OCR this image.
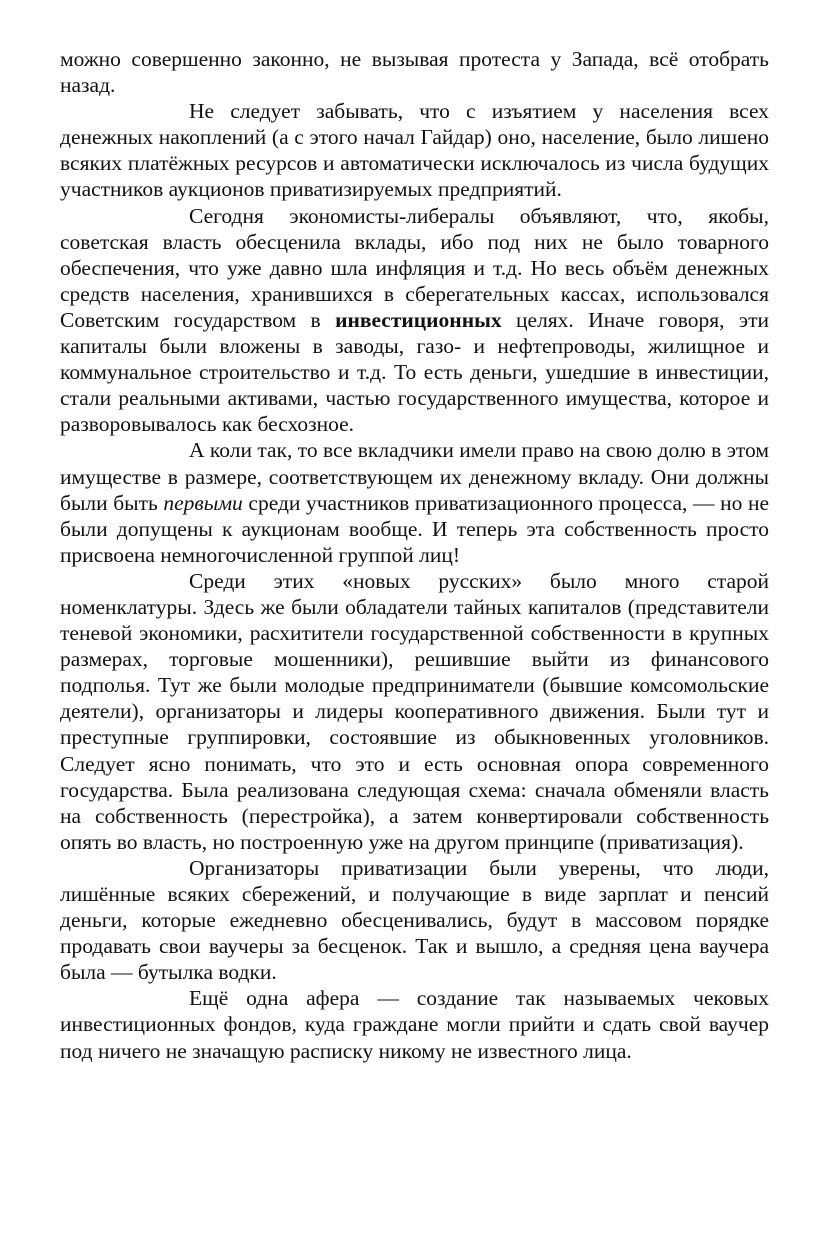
можно совершенно законно, не вызывая протеста у Запада, всё отобрать назад.

Не следует забывать, что с изъятием у населения всех денежных накоплений (а с этого начал Гайдар) оно, население, было лишено всяких платёжных ресурсов и автоматически исключалось из числа будущих участников аукционов приватизируемых предприятий.

Сегодня экономисты-либералы объявляют, что, якобы, советская власть обесценила вклады, ибо под них не было товарного обеспечения, что уже давно шла инфляция и т.д. Но весь объём денежных средств населения, хранившихся в сберегательных кассах, использовался Советским государством в инвестиционных целях. Иначе говоря, эти капиталы были вложены в заводы, газо- и нефтепроводы, жилищное и коммунальное строительство и т.д. То есть деньги, ушедшие в инвестиции, стали реальными активами, частью государственного имущества, которое и разворовывалось как бесхозное.

А коли так, то все вкладчики имели право на свою долю в этом имуществе в размере, соответствующем их денежному вкладу. Они должны были быть первыми среди участников приватизационного процесса, — но не были допущены к аукционам вообще. И теперь эта собственность просто присвоена немногочисленной группой лиц!

Среди этих «новых русских» было много старой номенклатуры. Здесь же были обладатели тайных капиталов (представители теневой экономики, расхитители государственной собственности в крупных размерах, торговые мошенники), решившие выйти из финансового подполья. Тут же были молодые предприниматели (бывшие комсомольские деятели), организаторы и лидеры кооперативного движения. Были тут и преступные группировки, состоявшие из обыкновенных уголовников. Следует ясно понимать, что это и есть основная опора современного государства. Была реализована следующая схема: сначала обменяли власть на собственность (перестройка), а затем конвертировали собственность опять во власть, но построенную уже на другом принципе (приватизация).

Организаторы приватизации были уверены, что люди, лишённые всяких сбережений, и получающие в виде зарплат и пенсий деньги, которые ежедневно обесценивались, будут в массовом порядке продавать свои ваучеры за бесценок. Так и вышло, а средняя цена ваучера была — бутылка водки.

Ещё одна афера — создание так называемых чековых инвестиционных фондов, куда граждане могли прийти и сдать свой ваучер под ничего не значащую расписку никому не известного лица.
